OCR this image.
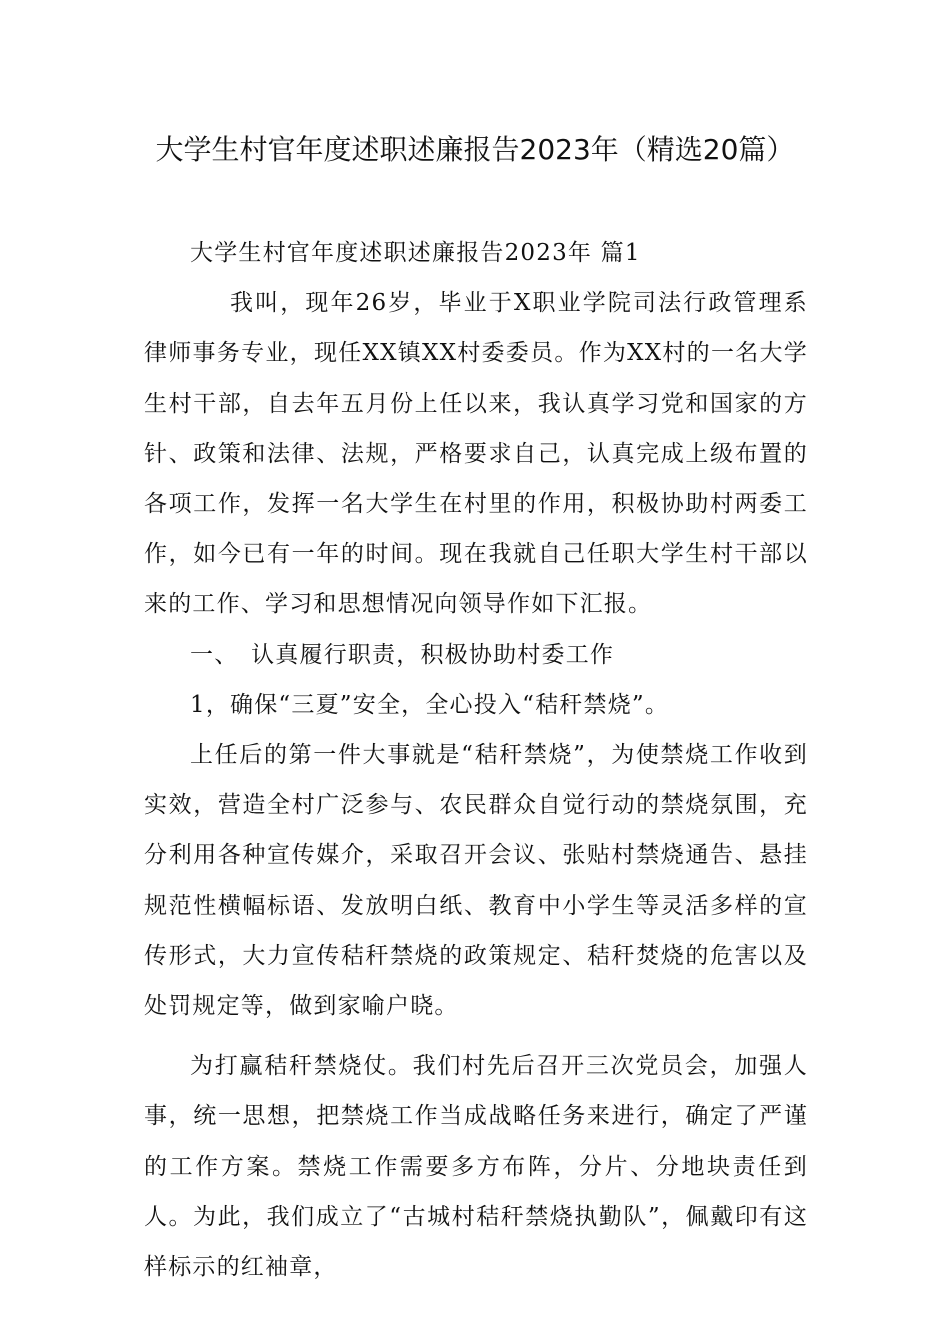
大学生村官年度述职述廉报告2023年（精选20篇）

大学生村官年度述职述廉报告2023年 篇1

我叫，现年26岁，毕业于X职业学院司法行政管理系律师事务专业，现任XX镇XX村委委员。作为XX村的一名大学生村干部，自去年五月份上任以来，我认真学习党和国家的方针、政策和法律、法规，严格要求自己，认真完成上级布置的各项工作，发挥一名大学生在村里的作用，积极协助村两委工作，如今已有一年的时间。现在我就自己任职大学生村干部以来的工作、学习和思想情况向领导作如下汇报。

一、　认真履行职责，积极协助村委工作

1，确保“三夏”安全，全心投入“秸秆禁烧”。

上任后的第一件大事就是“秸秆禁烧”，为使禁烧工作收到实效，营造全村广泛参与、农民群众自觉行动的禁烧氛围，充分利用各种宣传媒介，采取召开会议、张贴村禁烧通告、悬挂规范性横幅标语、发放明白纸、教育中小学生等灵活多样的宣传形式，大力宣传秸秆禁烧的政策规定、秸秆焚烧的危害以及处罚规定等，做到家喻户晓。

为打赢秸秆禁烧仗。我们村先后召开三次党员会，加强人事，统一思想，把禁烧工作当成战略任务来进行，确定了严谨的工作方案。禁烧工作需要多方布阵，分片、分地块责任到人。为此，我们成立了“古城村秸秆禁烧执勤队”，佩戴印有这样标示的红袖章，
